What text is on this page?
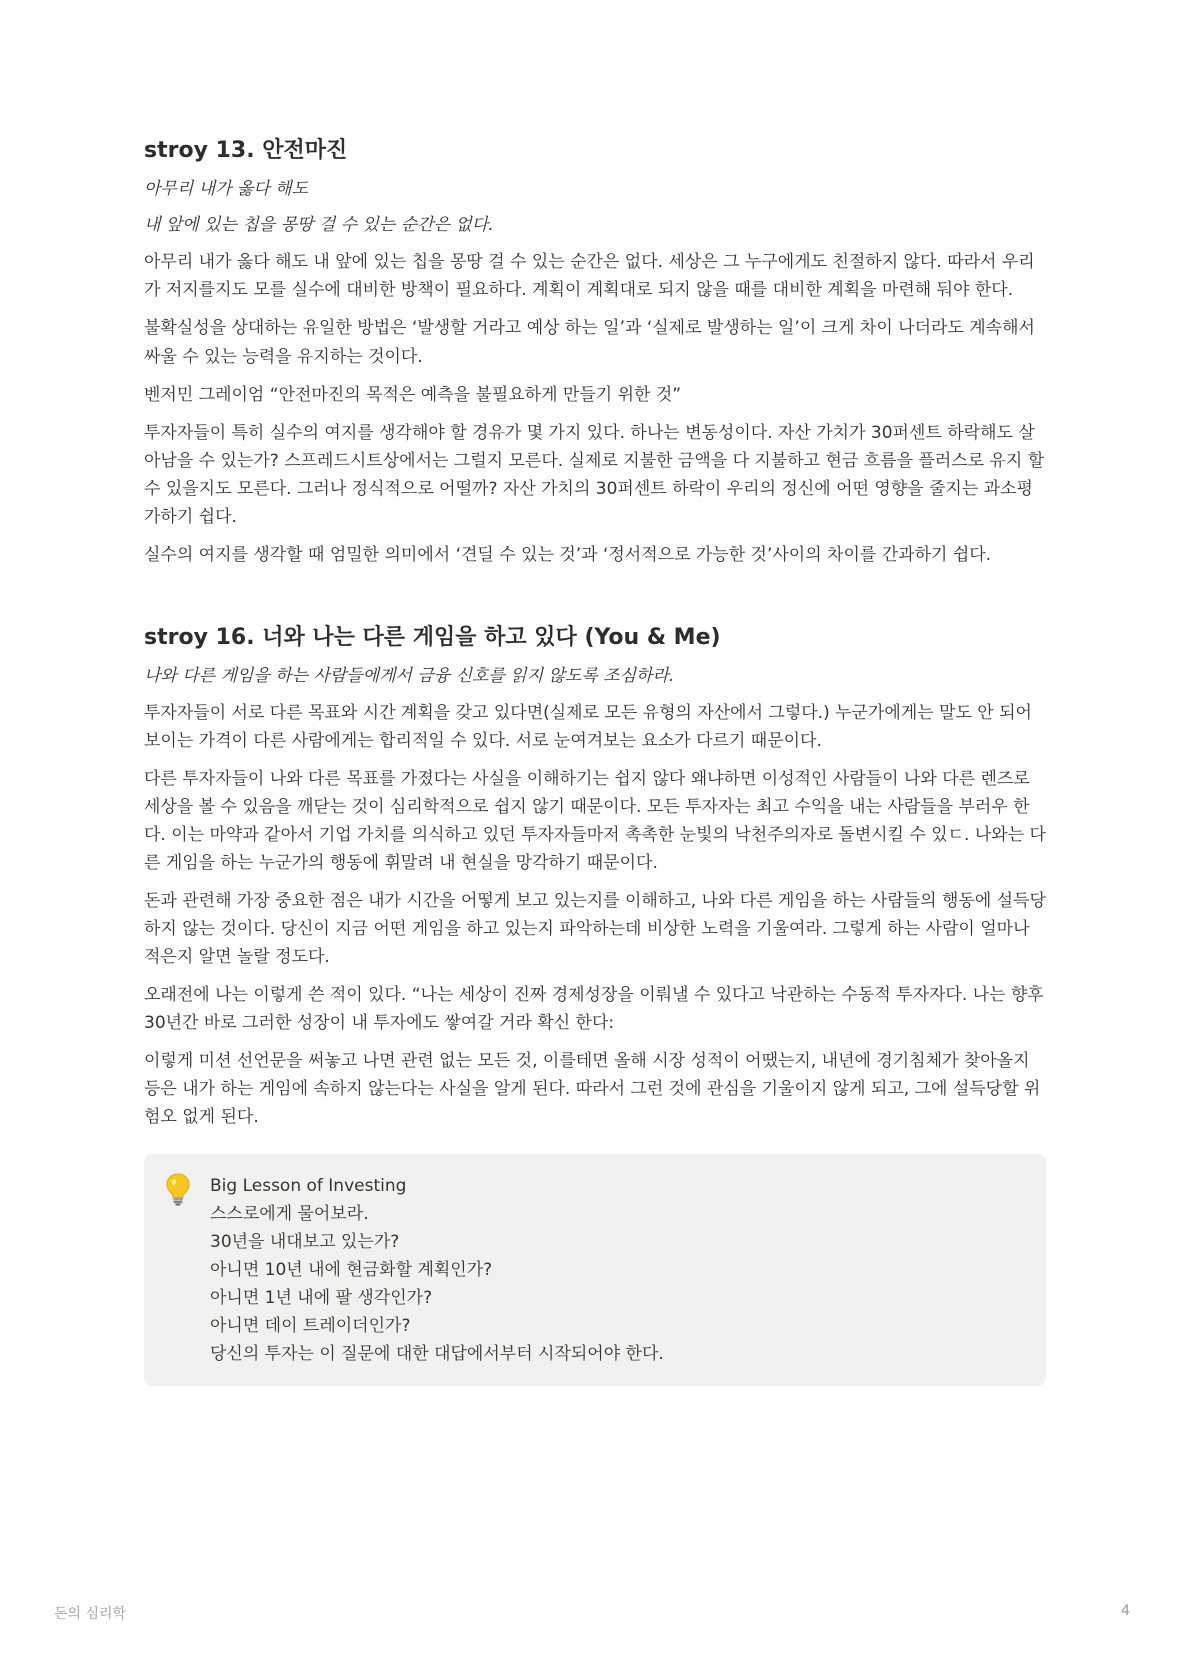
stroy 13. 안전마진

아무리 내가 옳다 해도

내 앞에 있는 칩을 몽땅 걸 수 있는 순간은 없다.

아무리 내가 옳다 해도 내 앞에 있는 칩을 몽땅 걸 수 있는 순간은 없다. 세상은 그 누구에게도 친절하지 않다. 따라서 우리가 저지를지도 모를 실수에 대비한 방책이 필요하다. 계획이 계획대로 되지 않을 때를 대비한 계획을 마련해 둬야 한다.

불확실성을 상대하는 유일한 방법은 ‘발생할 거라고 예상 하는 일’과 ‘실제로 발생하는 일’이 크게 차이 나더라도 계속해서 싸울 수 있는 능력을 유지하는 것이다.

벤저민 그레이엄 “안전마진의 목적은 예측을 불필요하게 만들기 위한 것”

투자자들이 특히 실수의 여지를 생각해야 할 경유가 몇 가지 있다. 하나는 변동성이다. 자산 가치가 30퍼센트 하락해도 살아남을 수 있는가? 스프레드시트상에서는 그럴지 모른다. 실제로 지불한 금액을 다 지불하고 현금 흐름을 플러스로 유지 할 수 있을지도 모른다. 그러나 정식적으로 어떨까? 자산 가치의 30퍼센트 하락이 우리의 정신에 어떤 영향을 줄지는 과소평가하기 쉽다.

실수의 여지를 생각할 때 엄밀한 의미에서 ‘견딜 수 있는 것’과 ‘정서적으로 가능한 것’사이의 차이를 간과하기 쉽다.

stroy 16. 너와 나는 다른 게임을 하고 있다 (You & Me)

나와 다른 게임을 하는 사람들에게서 금융 신호를 읽지 않도록 조심하라.

투자자들이 서로 다른 목표와 시간 계획을 갖고 있다면(실제로 모든 유형의 자산에서 그렇다.) 누군가에게는 말도 안 되어 보이는 가격이 다른 사람에게는 합리적일 수 있다. 서로 눈여겨보는 요소가 다르기 때문이다.

다른 투자자들이 나와 다른 목표를 가졌다는 사실을 이해하기는 쉽지 않다 왜냐하면 이성적인 사람들이 나와 다른 렌즈로 세상을 볼 수 있음을 깨닫는 것이 심리학적으로 쉽지 않기 때문이다. 모든 투자자는 최고 수익을 내는 사람들을 부러우 한다. 이는 마약과 같아서 기업 가치를 의식하고 있던 투자자들마저 촉촉한 눈빛의 낙천주의자로 돌변시킬 수 있ㄷ. 나와는 다른 게임을 하는 누군가의 행동에 휘말려 내 현실을 망각하기 때문이다.

돈과 관련해 가장 중요한 점은 내가 시간을 어떻게 보고 있는지를 이해하고, 나와 다른 게임을 하는 사람들의 행동에 설득당하지 않는 것이다. 당신이 지금 어떤 게임을 하고 있는지 파악하는데 비상한 노력을 기울여라. 그렇게 하는 사람이 얼마나 적은지 알면 놀랄 정도다.

오래전에 나는 이렇게 쓴 적이 있다. “나는 세상이 진짜 경제성장을 이뤄낼 수 있다고 낙관하는 수동적 투자자다. 나는 향후 30년간 바로 그러한 성장이 내 투자에도 쌓여갈 거라 확신 한다:

이렇게 미션 선언문을 써놓고 나면 관련 없는 모든 것, 이를테면 올해 시장 성적이 어땠는지, 내년에 경기침체가 찾아올지 등은 내가 하는 게임에 속하지 않는다는 사실을 알게 된다. 따라서 그런 것에 관심을 기울이지 않게 되고, 그에 설득당할 위험오 없게 된다.

Big Lesson of Investing
스스로에게 물어보라.
30년을 내대보고 있는가?
아니면 10년 내에 현금화할 계획인가?
아니면 1년 내에 팔 생각인가?
아니면 데이 트레이더인가?
당신의 투자는 이 질문에 대한 대답에서부터 시작되어야 한다.
돈의 심리학	4
